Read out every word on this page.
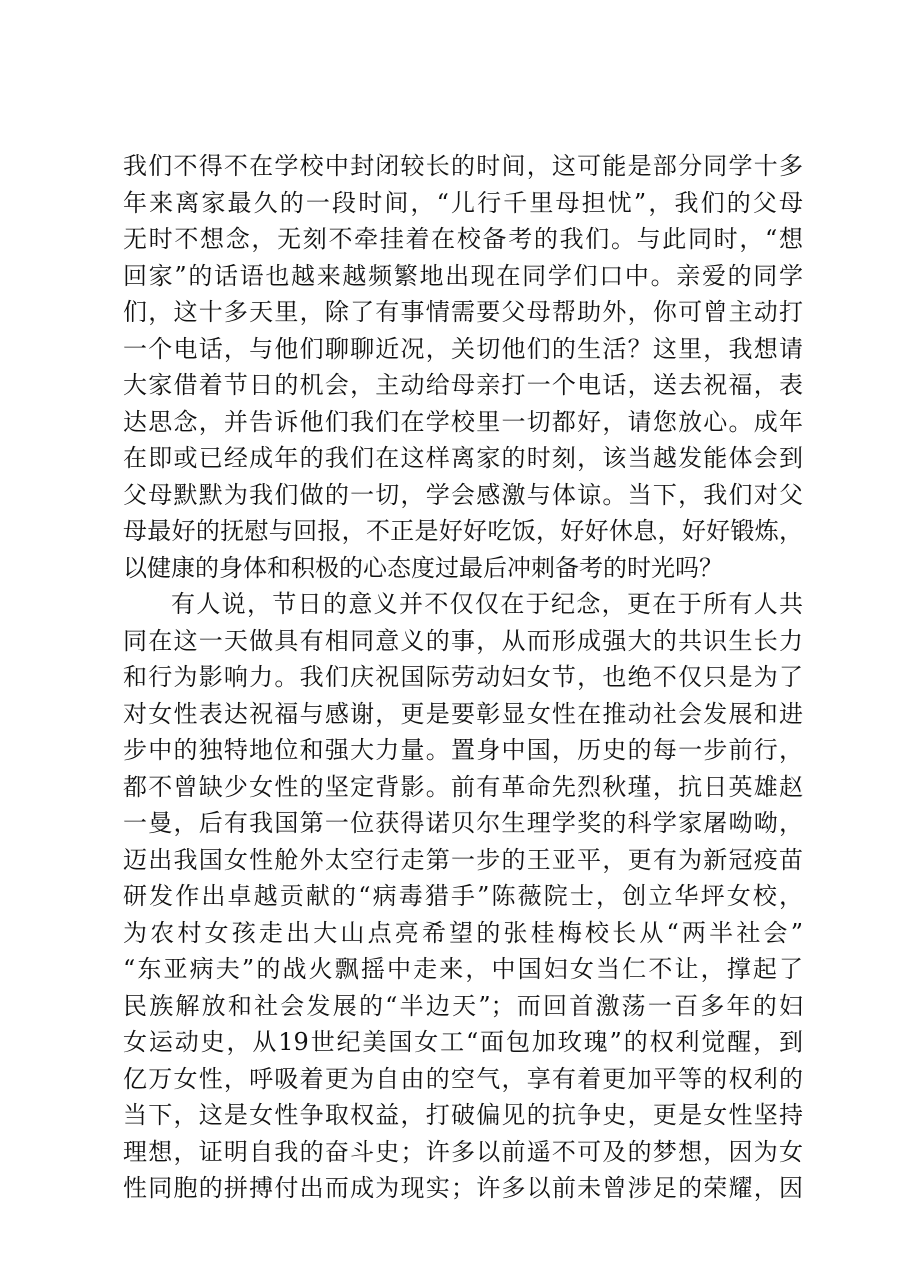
我们不得不在学校中封闭较长的时间，这可能是部分同学十多
年来离家最久的一段时间，“儿行千里母担忧”，我们的父母
无时不想念，无刻不牵挂着在校备考的我们。与此同时，“想
回家”的话语也越来越频繁地出现在同学们口中。亲爱的同学
们，这十多天里，除了有事情需要父母帮助外，你可曾主动打
一个电话，与他们聊聊近况，关切他们的生活？这里，我想请
大家借着节日的机会，主动给母亲打一个电话，送去祝福，表
达思念，并告诉他们我们在学校里一切都好，请您放心。成年
在即或已经成年的我们在这样离家的时刻，该当越发能体会到
父母默默为我们做的一切，学会感激与体谅。当下，我们对父
母最好的抚慰与回报，不正是好好吃饭，好好休息，好好锻炼，
以健康的身体和积极的心态度过最后冲刺备考的时光吗？
有人说，节日的意义并不仅仅在于纪念，更在于所有人共
同在这一天做具有相同意义的事，从而形成强大的共识生长力
和行为影响力。我们庆祝国际劳动妇女节，也绝不仅只是为了
对女性表达祝福与感谢，更是要彰显女性在推动社会发展和进
步中的独特地位和强大力量。置身中国，历史的每一步前行，
都不曾缺少女性的坚定背影。前有革命先烈秋瑾，抗日英雄赵
一曼，后有我国第一位获得诺贝尔生理学奖的科学家屠呦呦，
迈出我国女性舱外太空行走第一步的王亚平，更有为新冠疫苗
研发作出卓越贡献的“病毒猎手”陈薇院士，创立华坪女校，
为农村女孩走出大山点亮希望的张桂梅校长从“两半社会”
“东亚病夫”的战火飘摇中走来，中国妇女当仁不让，撑起了
民族解放和社会发展的“半边天”；而回首激荡一百多年的妇
女运动史，从19世纪美国女工“面包加玫瑰”的权利觉醒，到
亿万女性，呼吸着更为自由的空气，享有着更加平等的权利的
当下，这是女性争取权益，打破偏见的抗争史，更是女性坚持
理想，证明自我的奋斗史；许多以前遥不可及的梦想，因为女
性同胞的拼搏付出而成为现实；许多以前未曾涉足的荣耀，因
